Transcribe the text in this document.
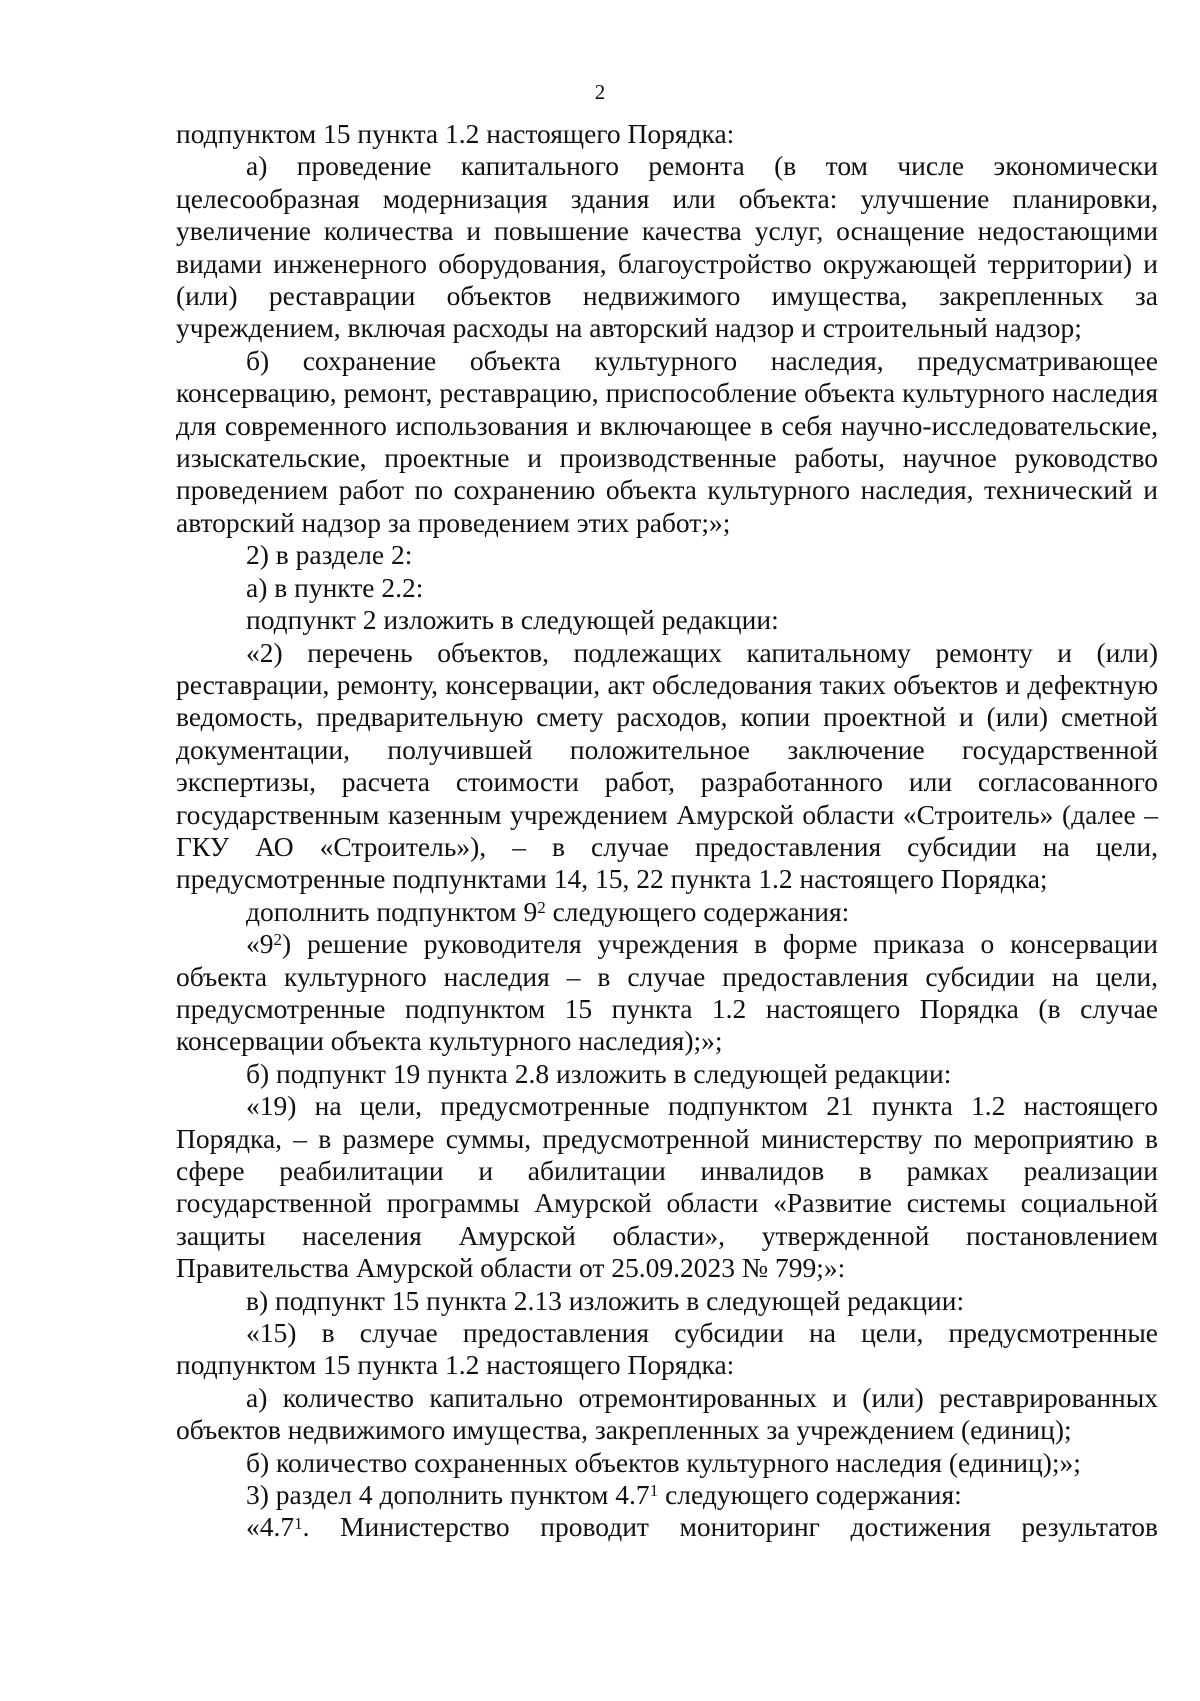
2

подпунктом 15 пункта 1.2 настоящего Порядка:

а) проведение капитального ремонта (в том числе экономически целесообразная модернизация здания или объекта: улучшение планировки, увеличение количества и повышение качества услуг, оснащение недостающими видами инженерного оборудования, благоустройство окружающей территории) и (или) реставрации объектов недвижимого имущества, закрепленных за учреждением, включая расходы на авторский надзор и строительный надзор;

б) сохранение объекта культурного наследия, предусматривающее консервацию, ремонт, реставрацию, приспособление объекта культурного наследия для современного использования и включающее в себя научно-исследовательские, изыскательские, проектные и производственные работы, научное руководство проведением работ по сохранению объекта культурного наследия, технический и авторский надзор за проведением этих работ;»;

2) в разделе 2:

а) в пункте 2.2:

подпункт 2 изложить в следующей редакции:

«2) перечень объектов, подлежащих капитальному ремонту и (или) реставрации, ремонту, консервации, акт обследования таких объектов и дефектную ведомость, предварительную смету расходов, копии проектной и (или) сметной документации, получившей положительное заключение государственной экспертизы, расчета стоимости работ, разработанного или согласованного государственным казенным учреждением Амурской области «Строитель» (далее – ГКУ АО «Строитель»), – в случае предоставления субсидии на цели, предусмотренные подпунктами 14, 15, 22 пункта 1.2 настоящего Порядка;

дополнить подпунктом $9^2$ следующего содержания:

«$9^2$) решение руководителя учреждения в форме приказа о консервации объекта культурного наследия – в случае предоставления субсидии на цели, предусмотренные подпунктом 15 пункта 1.2 настоящего Порядка (в случае консервации объекта культурного наследия);»;

б) подпункт 19 пункта 2.8 изложить в следующей редакции:

«19) на цели, предусмотренные подпунктом 21 пункта 1.2 настоящего Порядка, – в размере суммы, предусмотренной министерству по мероприятию в сфере реабилитации и абилитации инвалидов в рамках реализации государственной программы Амурской области «Развитие системы социальной защиты населения Амурской области», утвержденной постановлением Правительства Амурской области от 25.09.2023 № 799;»:

в) подпункт 15 пункта 2.13 изложить в следующей редакции:

«15) в случае предоставления субсидии на цели, предусмотренные подпунктом 15 пункта 1.2 настоящего Порядка:

а) количество капитально отремонтированных и (или) реставрированных объектов недвижимого имущества, закрепленных за учреждением (единиц);

б) количество сохраненных объектов культурного наследия (единиц);»;

3) раздел 4 дополнить пунктом $4.7^1$ следующего содержания:

«$4.7^1$. Министерство проводит мониторинг достижения результатов
